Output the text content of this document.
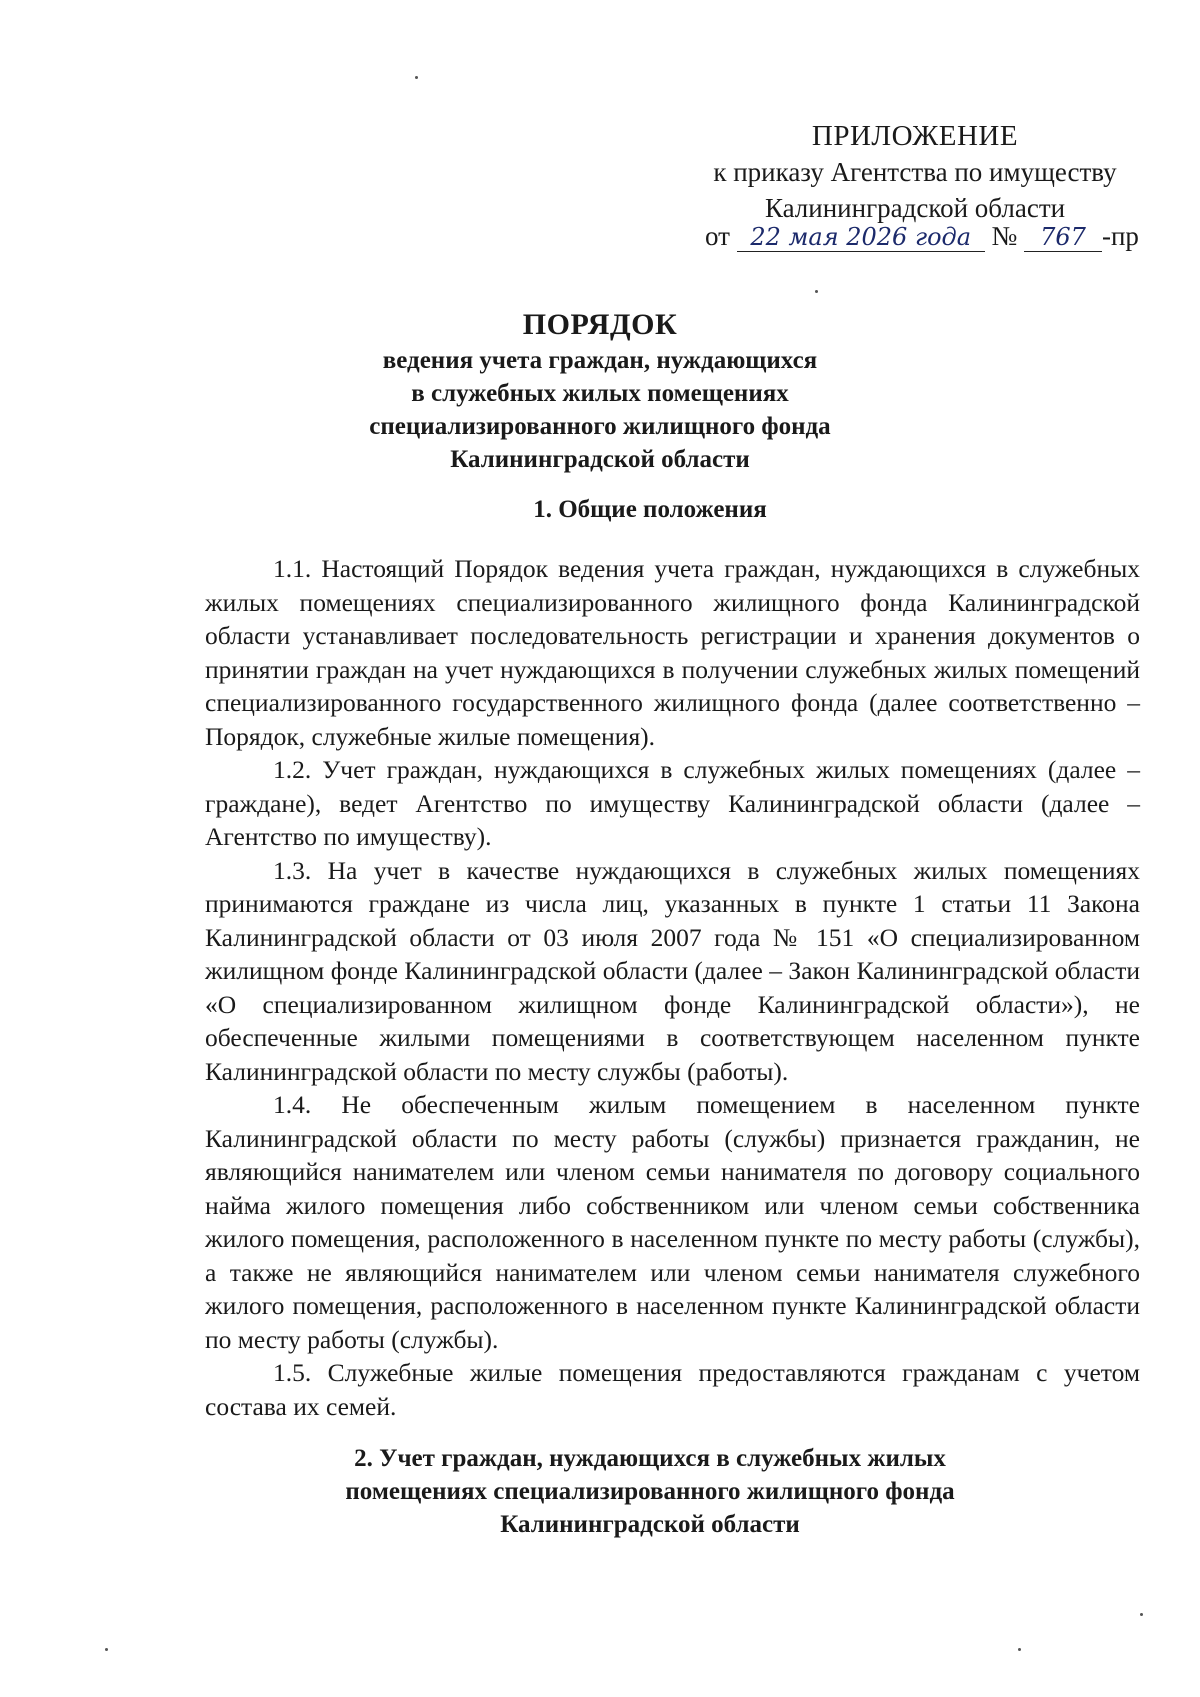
ПРИЛОЖЕНИЕ
к приказу Агентства по имуществу
Калининградской области
от 22 мая 2026 года № 767 -пр
ПОРЯДОК
ведения учета граждан, нуждающихся
в служебных жилых помещениях
специализированного жилищного фонда
Калининградской области
1. Общие положения

1.1. Настоящий Порядок ведения учета граждан, нуждающихся в служебных жилых помещениях специализированного жилищного фонда Калининградской области устанавливает последовательность регистрации и хранения документов о принятии граждан на учет нуждающихся в получении служебных жилых помещений специализированного государственного жилищного фонда (далее соответственно – Порядок, служебные жилые помещения).

1.2. Учет граждан, нуждающихся в служебных жилых помещениях (далее – граждане), ведет Агентство по имуществу Калининградской области (далее – Агентство по имуществу).

1.3. На учет в качестве нуждающихся в служебных жилых помещениях принимаются граждане из числа лиц, указанных в пункте 1 статьи 11 Закона Калининградской области от 03 июля 2007 года № 151 «О специализированном жилищном фонде Калининградской области (далее – Закон Калининградской области «О специализированном жилищном фонде Калининградской области»), не обеспеченные жилыми помещениями в соответствующем населенном пункте Калининградской области по месту службы (работы).

1.4. Не обеспеченным жилым помещением в населенном пункте Калининградской области по месту работы (службы) признается гражданин, не являющийся нанимателем или членом семьи нанимателя по договору социального найма жилого помещения либо собственником или членом семьи собственника жилого помещения, расположенного в населенном пункте по месту работы (службы), а также не являющийся нанимателем или членом семьи нанимателя служебного жилого помещения, расположенного в населенном пункте Калининградской области по месту работы (службы).

1.5. Служебные жилые помещения предоставляются гражданам с учетом состава их семей.

2. Учет граждан, нуждающихся в служебных жилых
помещениях специализированного жилищного фонда
Калининградской области
